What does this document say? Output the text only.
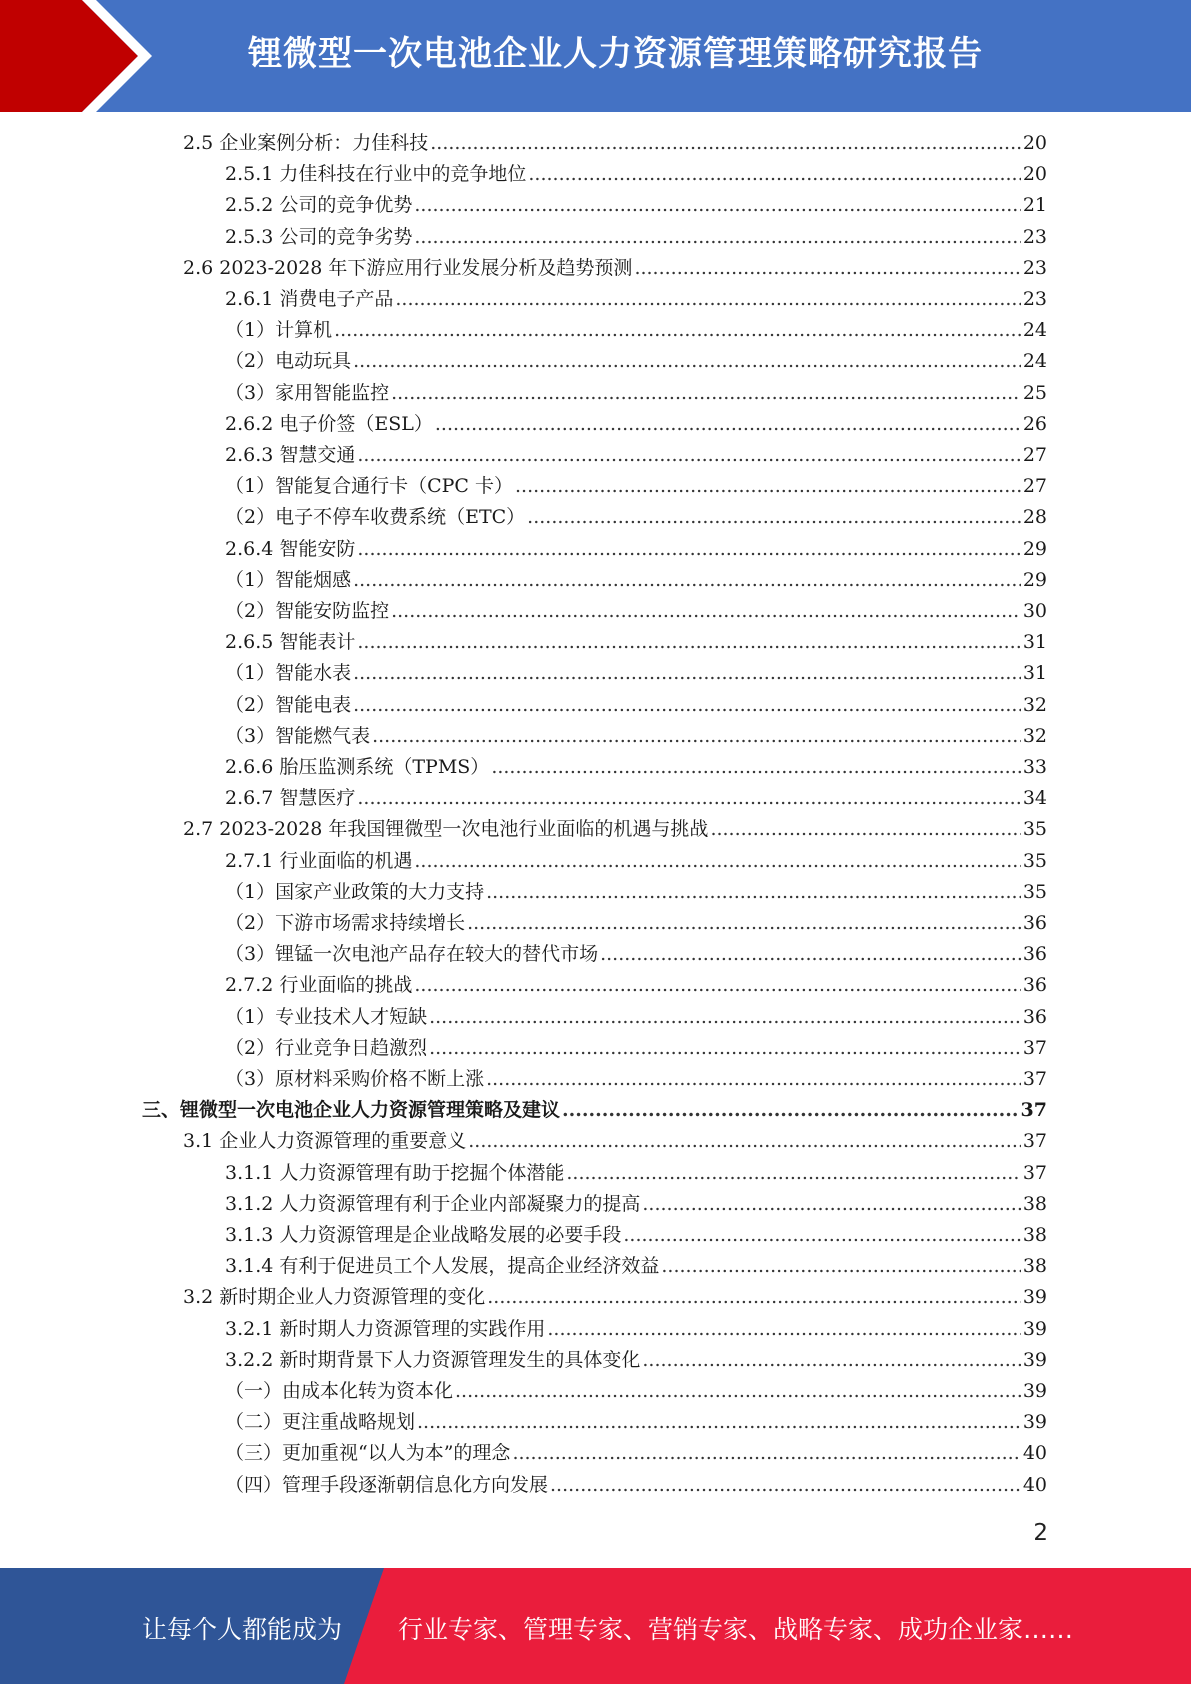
锂微型一次电池企业人力资源管理策略研究报告
2.5 企业案例分析：力佳科技 .....	20
2.5.1 力佳科技在行业中的竞争地位 .....	20
2.5.2 公司的竞争优势 .....	21
2.5.3 公司的竞争劣势 .....	23
2.6 2023-2028 年下游应用行业发展分析及趋势预测 .....	23
2.6.1 消费电子产品 .....	23
（1）计算机 .....	24
（2）电动玩具 .....	24
（3）家用智能监控 .....	25
2.6.2 电子价签（ESL） .....	26
2.6.3 智慧交通 .....	27
（1）智能复合通行卡（CPC 卡） .....	27
（2）电子不停车收费系统（ETC） .....	28
2.6.4 智能安防 .....	29
（1）智能烟感 .....	29
（2）智能安防监控 .....	30
2.6.5 智能表计 .....	31
（1）智能水表 .....	31
（2）智能电表 .....	32
（3）智能燃气表 .....	32
2.6.6 胎压监测系统（TPMS） .....	33
2.6.7 智慧医疗 .....	34
2.7 2023-2028 年我国锂微型一次电池行业面临的机遇与挑战 .....	35
2.7.1 行业面临的机遇 .....	35
（1）国家产业政策的大力支持 .....	35
（2）下游市场需求持续增长 .....	36
（3）锂锰一次电池产品存在较大的替代市场 .....	36
2.7.2 行业面临的挑战 .....	36
（1）专业技术人才短缺 .....	36
（2）行业竞争日趋激烈 .....	37
（3）原材料采购价格不断上涨 .....	37
三、锂微型一次电池企业人力资源管理策略及建议 .....	37
3.1 企业人力资源管理的重要意义 .....	37
3.1.1 人力资源管理有助于挖掘个体潜能 .....	37
3.1.2 人力资源管理有利于企业内部凝聚力的提高 .....	38
3.1.3 人力资源管理是企业战略发展的必要手段 .....	38
3.1.4 有利于促进员工个人发展，提高企业经济效益 .....	38
3.2 新时期企业人力资源管理的变化 .....	39
3.2.1 新时期人力资源管理的实践作用 .....	39
3.2.2 新时期背景下人力资源管理发生的具体变化 .....	39
（一）由成本化转为资本化 .....	39
（二）更注重战略规划 .....	39
（三）更加重视“以人为本”的理念 .....	40
（四）管理手段逐渐朝信息化方向发展 .....	40
2
让每个人都能成为 行业专家、管理专家、营销专家、战略专家、成功企业家……
